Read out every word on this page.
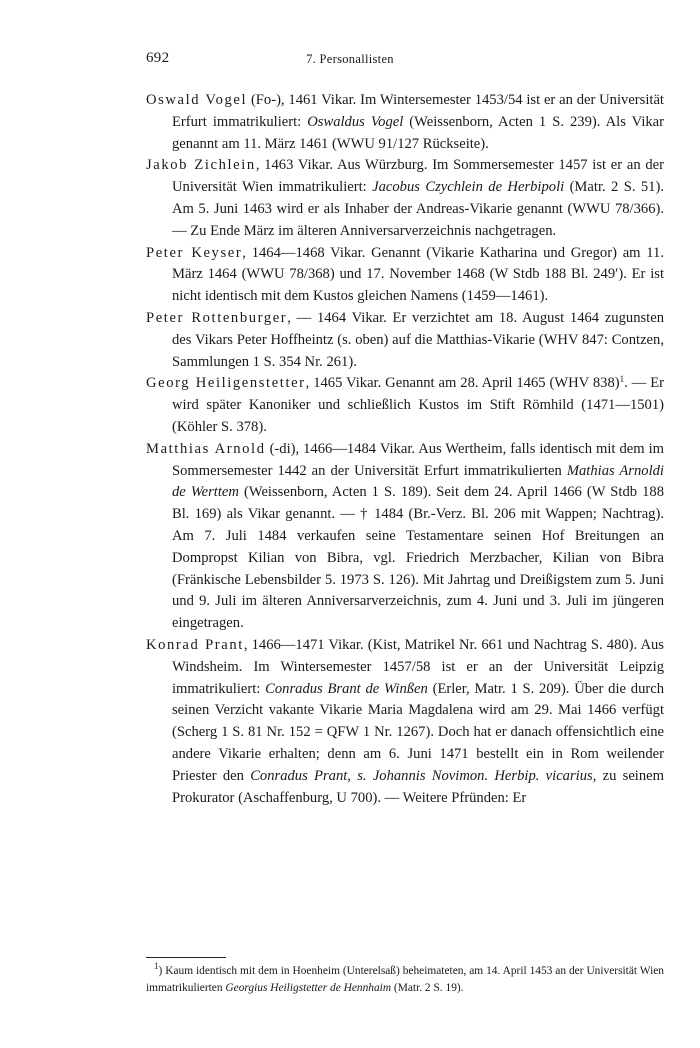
692	7. Personallisten

Oswald Vogel (Fo-), 1461 Vikar. Im Wintersemester 1453/54 ist er an der Universität Erfurt immatrikuliert: Oswaldus Vogel (Weissenborn, Acten 1 S. 239). Als Vikar genannt am 11. März 1461 (WWU 91/127 Rückseite).

Jakob Zichlein, 1463 Vikar. Aus Würzburg. Im Sommersemester 1457 ist er an der Universität Wien immatrikuliert: Jacobus Czychlein de Herbipoli (Matr. 2 S. 51). Am 5. Juni 1463 wird er als Inhaber der Andreas-Vikarie genannt (WWU 78/366). — Zu Ende März im älteren Anniversarverzeichnis nachgetragen.

Peter Keyser, 1464—1468 Vikar. Genannt (Vikarie Katharina und Gregor) am 11. März 1464 (WWU 78/368) und 17. November 1468 (W Stdb 188 Bl. 249′). Er ist nicht identisch mit dem Kustos gleichen Namens (1459—1461).

Peter Rottenburger, — 1464 Vikar. Er verzichtet am 18. August 1464 zugunsten des Vikars Peter Hoffheintz (s. oben) auf die Matthias-Vikarie (WHV 847: Contzen, Sammlungen 1 S. 354 Nr. 261).

Georg Heiligenstetter, 1465 Vikar. Genannt am 28. April 1465 (WHV 838)$^1$. — Er wird später Kanoniker und schließlich Kustos im Stift Römhild (1471—1501) (Köhler S. 378).

Matthias Arnold (-di), 1466—1484 Vikar. Aus Wertheim, falls identisch mit dem im Sommersemester 1442 an der Universität Erfurt immatrikulierten Mathias Arnoldi de Werttem (Weissenborn, Acten 1 S. 189). Seit dem 24. April 1466 (W Stdb 188 Bl. 169) als Vikar genannt. — † 1484 (Br.-Verz. Bl. 206 mit Wappen; Nachtrag). Am 7. Juli 1484 verkaufen seine Testamentare seinen Hof Breitungen an Dompropst Kilian von Bibra, vgl. Friedrich Merzbacher, Kilian von Bibra (Fränkische Lebensbilder 5. 1973 S. 126). Mit Jahrtag und Dreißigstem zum 5. Juni und 9. Juli im älteren Anniversarverzeichnis, zum 4. Juni und 3. Juli im jüngeren eingetragen.

Konrad Prant, 1466—1471 Vikar. (Kist, Matrikel Nr. 661 und Nachtrag S. 480). Aus Windsheim. Im Wintersemester 1457/58 ist er an der Universität Leipzig immatrikuliert: Conradus Brant de Winßen (Erler, Matr. 1 S. 209). Über die durch seinen Verzicht vakante Vikarie Maria Magdalena wird am 29. Mai 1466 verfügt (Scherg 1 S. 81 Nr. 152 = QFW 1 Nr. 1267). Doch hat er danach offensichtlich eine andere Vikarie erhalten; denn am 6. Juni 1471 bestellt ein in Rom weilender Priester den Conradus Prant, s. Johannis Novimon. Herbip. vicarius, zu seinem Prokurator (Aschaffenburg, U 700). — Weitere Pfründen: Er

$^1$) Kaum identisch mit dem in Hoenheim (Unterelsaß) beheimateten, am 14. April 1453 an der Universität Wien immatrikulierten Georgius Heiligstetter de Hennhaim (Matr. 2 S. 19).
